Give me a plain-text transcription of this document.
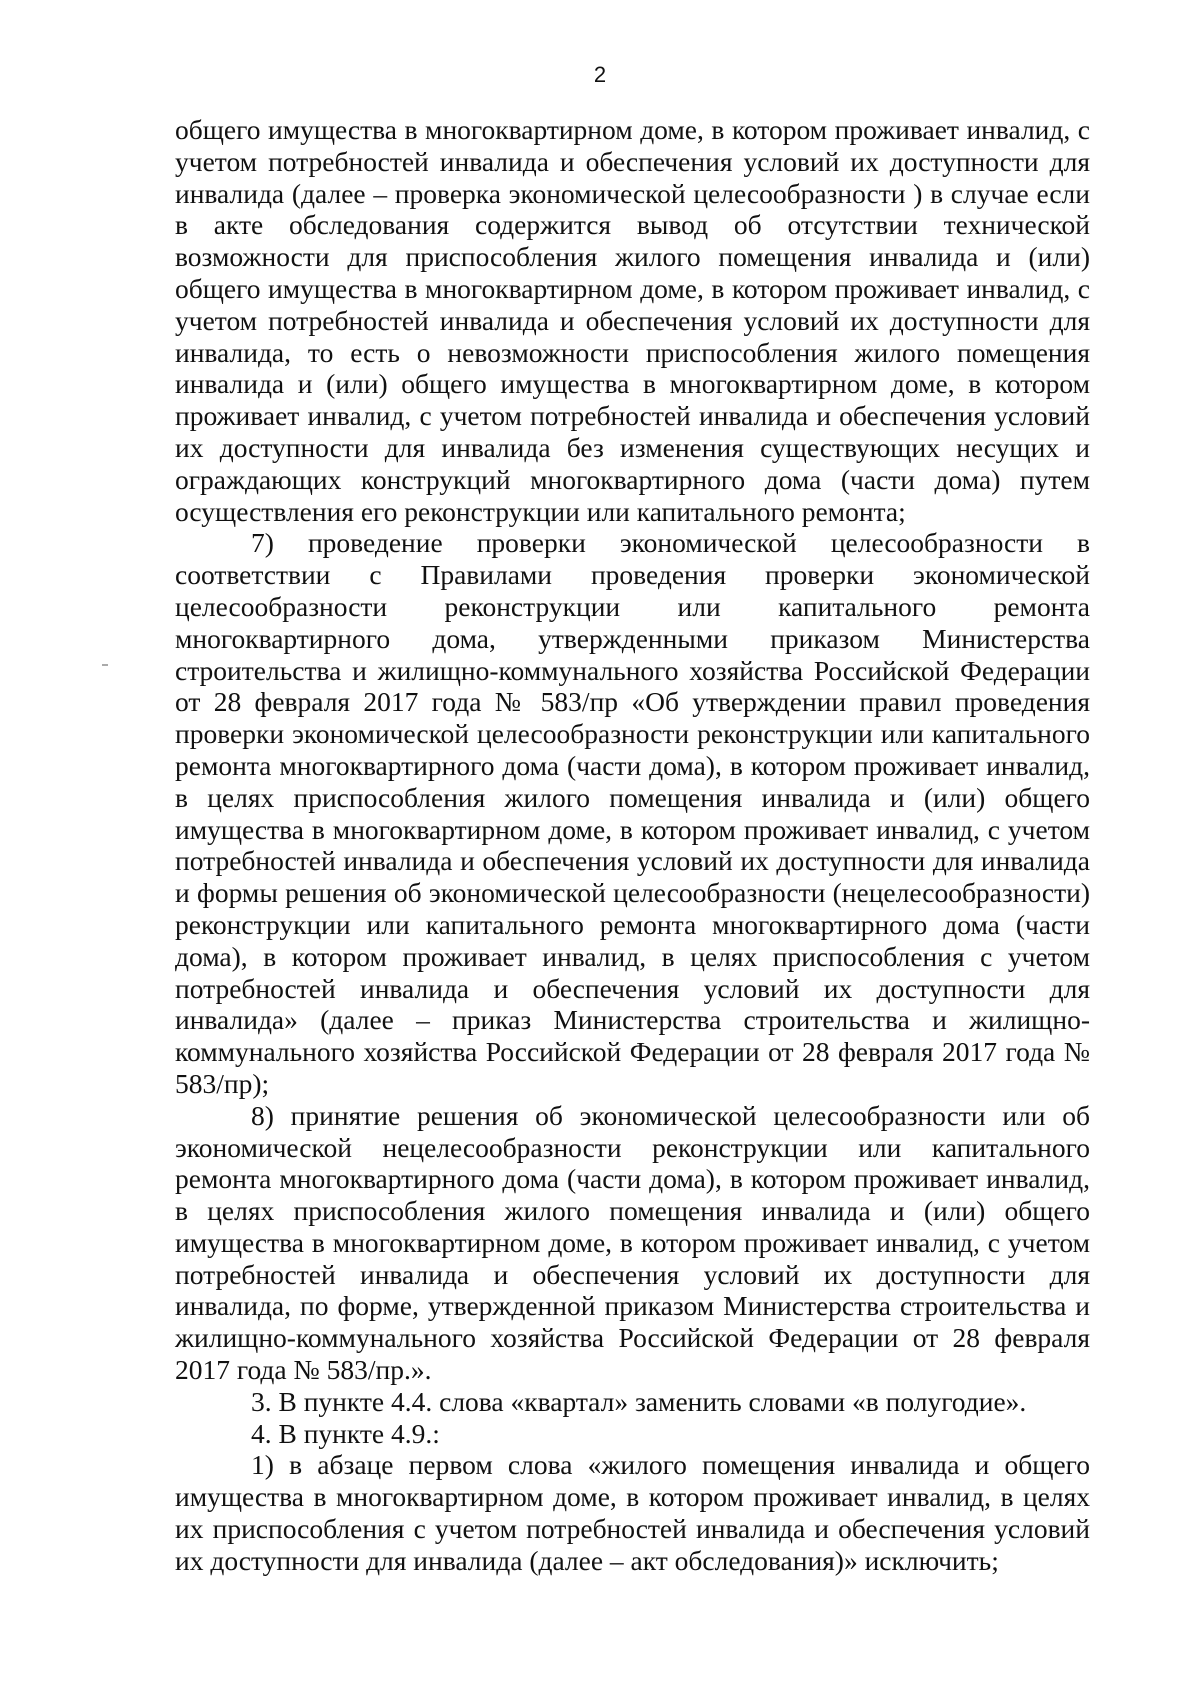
2

общего имущества в многоквартирном доме, в котором проживает инвалид, с учетом потребностей инвалида и обеспечения условий их доступности для инвалида (далее – проверка экономической целесообразности ) в случае если в акте обследования содержится вывод об отсутствии технической возможности для приспособления жилого помещения инвалида и (или) общего имущества в многоквартирном доме, в котором проживает инвалид, с учетом потребностей инвалида и обеспечения условий их доступности для инвалида, то есть о невозможности приспособления жилого помещения инвалида и (или) общего имущества в многоквартирном доме, в котором проживает инвалид, с учетом потребностей инвалида и обеспечения условий их доступности для инвалида без изменения существующих несущих и ограждающих конструкций многоквартирного дома (части дома) путем осуществления его реконструкции или капитального ремонта;

7) проведение проверки экономической целесообразности в соответствии с Правилами проведения проверки экономической целесообразности реконструкции или капитального ремонта многоквартирного дома, утвержденными приказом Министерства строительства и жилищно-коммунального хозяйства Российской Федерации от 28 февраля 2017 года № 583/пр «Об утверждении правил проведения проверки экономической целесообразности реконструкции или капитального ремонта многоквартирного дома (части дома), в котором проживает инвалид, в целях приспособления жилого помещения инвалида и (или) общего имущества в многоквартирном доме, в котором проживает инвалид, с учетом потребностей инвалида и обеспечения условий их доступности для инвалида и формы решения об экономической целесообразности (нецелесообразности) реконструкции или капитального ремонта многоквартирного дома (части дома), в котором проживает инвалид, в целях приспособления с учетом потребностей инвалида и обеспечения условий их доступности для инвалида» (далее – приказ Министерства строительства и жилищно-коммунального хозяйства Российской Федерации от 28 февраля 2017 года № 583/пр);

8) принятие решения об экономической целесообразности или об экономической нецелесообразности реконструкции или капитального ремонта многоквартирного дома (части дома), в котором проживает инвалид, в целях приспособления жилого помещения инвалида и (или) общего имущества в многоквартирном доме, в котором проживает инвалид, с учетом потребностей инвалида и обеспечения условий их доступности для инвалида, по форме, утвержденной приказом Министерства строительства и жилищно-коммунального хозяйства Российской Федерации от 28 февраля 2017 года № 583/пр.».

3. В пункте 4.4. слова «квартал» заменить словами «в полугодие».

4. В пункте 4.9.:

1) в абзаце первом слова «жилого помещения инвалида и общего имущества в многоквартирном доме, в котором проживает инвалид, в целях их приспособления с учетом потребностей инвалида и обеспечения условий их доступности для инвалида (далее – акт обследования)» исключить;
